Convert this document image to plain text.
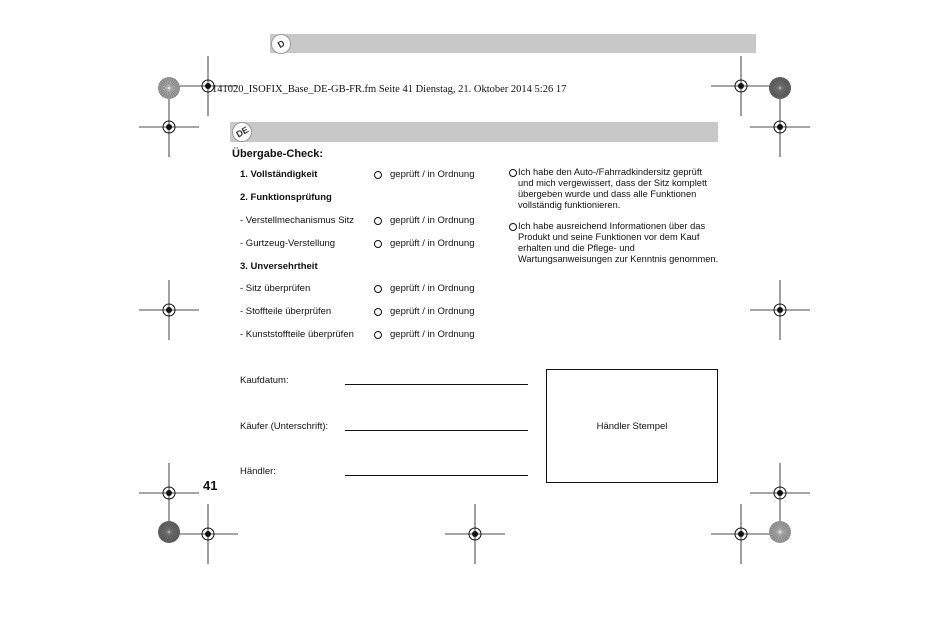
D
DE
141020_ISOFIX_Base_DE-GB-FR.fm Seite 41 Dienstag, 21. Oktober 2014 5:26 17
Übergabe-Check:
1. Vollständigkeit	geprüft / in Ordnung
2. Funktionsprüfung
- Verstellmechanismus Sitz	geprüft / in Ordnung
- Gurtzeug-Verstellung	geprüft / in Ordnung
3. Unversehrtheit
- Sitz überprüfen	geprüft / in Ordnung
- Stoffteile überprüfen	geprüft / in Ordnung
- Kunststoffteile überprüfen	geprüft / in Ordnung
Ich habe den Auto-/Fahrradkindersitz geprüft und mich vergewissert, dass der Sitz komplett übergeben wurde und dass alle Funktionen vollständig funktionieren.
Ich habe ausreichend Informationen über das Produkt und seine Funktionen vor dem Kauf erhalten und die Pflege- und Wartungsanweisungen zur Kenntnis genommen.
Kaufdatum:
Käufer (Unterschrift):
Händler:
Händler Stempel
41
